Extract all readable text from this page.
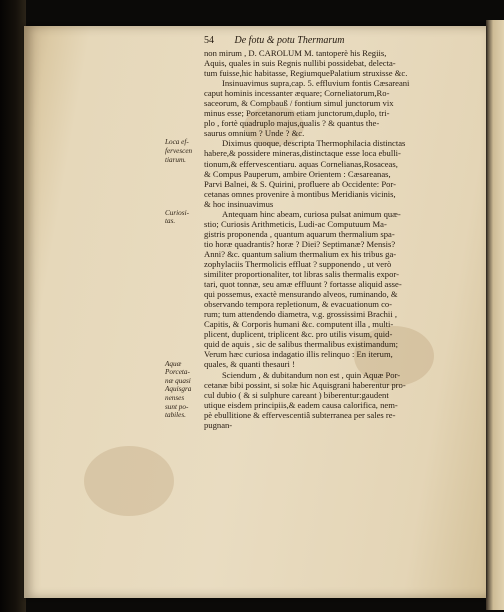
54 De fotu & potu Thermarum
non mirum , D. CAROLUM M. tantoperè his Regiis,
Aquis, quales in suis Regnis nullibi possidebat, delecta-
tum fuisse,hic habitasse, RegiumquePalatium struxisse &c.
Insinuavimus supra,cap. 5. effluvium fontis Cæsareani
caput hominis incessanter æquare; Corneliatorum,Ro-
saceorum, & Compbauß / fontium simul junctorum vix
minus esse; Porcetanorum etiam junctorum,duplo, tri-
plo , fortè quadruplo majus,qualis ? & quantus the-
saurus omnium ? Unde ? &c.
Diximus quoque, descripta Thermophilacia distinctas
habere,& possidere mineras,distinctaque esse loca ebulli-
tionum,& effervescentiaru. aquas Cornelianas,Rosaceas,
& Compus Pauperum, ambire Orientem : Cæsareanas,
Parvi Balnei, & S. Quirini, profluere ab Occidente: Por-
cetanas omnes provenire à montibus Meridianis vicinis,
& hoc insinuavimus
Antequam hinc abeam, curiosa pulsat animum quæ-
stio; Curiosis Arithmeticis, Ludi-ac Computuum Ma-
gistris proponenda , quantum aquarum thermalium spa-
tio horæ quadrantis? horæ ? Diei? Septimanæ? Mensis?
Anni? &c. quantum salium thermalium ex his tribus ga-
zophylaciis Thermolicis effluat ? supponendo , ut verò
similiter proportionaliter, tot libras salis thermalis expor-
tari, quot tonnæ, seu amæ effluunt ? fortasse aliquid asse-
qui possemus, exactè mensurando alveos, ruminando, &
observando tempora repletionum, & evacuationum co-
rum; tum attendendo diametra, v.g. grossissimi Brachii ,
Capitis, & Corporis humani &c. computent illa , multi-
plicent, duplicent, triplicent &c. pro utilis visum, quid-
quid de aquis , sic de salibus thermalibus existimandum;
Verum hæc curiosa indagatio illis relinquo : En iterum,
quales, & quanti thesauri !
Sciendum , & dubitandum non est , quin Aquæ Por-
cetanæ bibi possint, si solæ hic Aquisgrani haberentur pro-
cul dubio ( & si sulphure careant ) biberentur:gaudent
utique eisdem principiis,& eadem causa calorifica, nem-
pè ebullitione & effervescentiâ subterranea per sales re-
pugnan-
Loca ef-
fervescen
tiarum.
Curiosi-
tas.
Aquæ
Porceta-
næ quasi
Aquisgra
nenses
sunt po-
tabiles.
